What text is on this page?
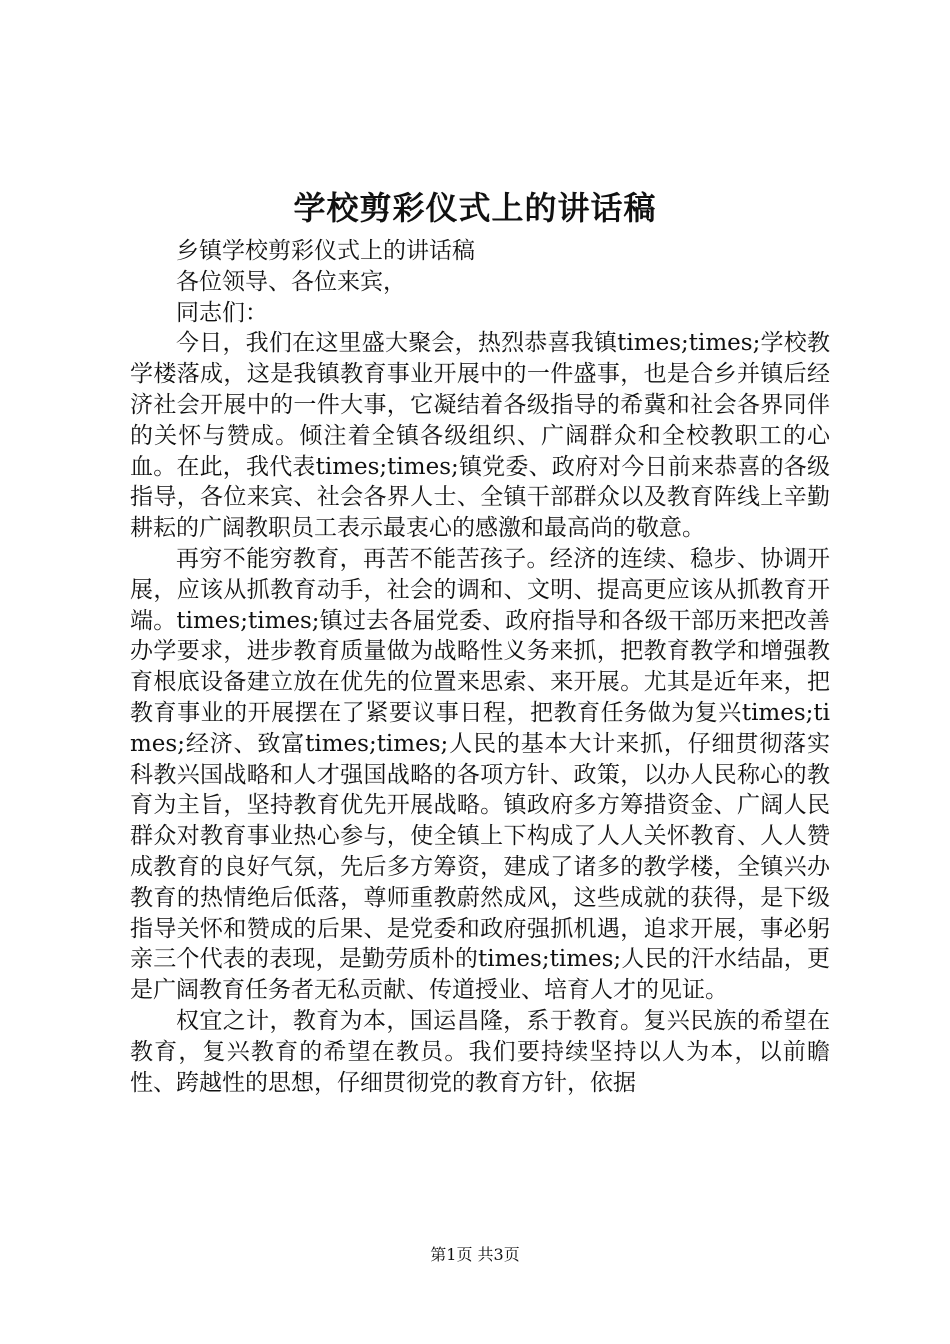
学校剪彩仪式上的讲话稿

乡镇学校剪彩仪式上的讲话稿

各位领导、各位来宾，

同志们：

今日，我们在这里盛大聚会，热烈恭喜我镇times;times;学校教学楼落成，这是我镇教育事业开展中的一件盛事，也是合乡并镇后经济社会开展中的一件大事，它凝结着各级指导的希冀和社会各界同伴的关怀与赞成。倾注着全镇各级组织、广阔群众和全校教职工的心血。在此，我代表times;times;镇党委、政府对今日前来恭喜的各级指导，各位来宾、社会各界人士、全镇干部群众以及教育阵线上辛勤耕耘的广阔教职员工表示最衷心的感激和最高尚的敬意。

再穷不能穷教育，再苦不能苦孩子。经济的连续、稳步、协调开展，应该从抓教育动手，社会的调和、文明、提高更应该从抓教育开端。times;times;镇过去各届党委、政府指导和各级干部历来把改善办学要求，进步教育质量做为战略性义务来抓，把教育教学和增强教育根底设备建立放在优先的位置来思索、来开展。尤其是近年来，把教育事业的开展摆在了紧要议事日程，把教育任务做为复兴times;times;经济、致富times;times;人民的基本大计来抓，仔细贯彻落实科教兴国战略和人才强国战略的各项方针、政策，以办人民称心的教育为主旨，坚持教育优先开展战略。镇政府多方筹措资金、广阔人民群众对教育事业热心参与，使全镇上下构成了人人关怀教育、人人赞成教育的良好气氛，先后多方筹资，建成了诸多的教学楼，全镇兴办教育的热情绝后低落，尊师重教蔚然成风，这些成就的获得，是下级指导关怀和赞成的后果、是党委和政府强抓机遇，追求开展，事必躬亲三个代表的表现，是勤劳质朴的times;times;人民的汗水结晶，更是广阔教育任务者无私贡献、传道授业、培育人才的见证。

权宜之计，教育为本，国运昌隆，系于教育。复兴民族的希望在教育，复兴教育的希望在教员。我们要持续坚持以人为本，以前瞻性、跨越性的思想，仔细贯彻党的教育方针，依据

第1页 共3页
